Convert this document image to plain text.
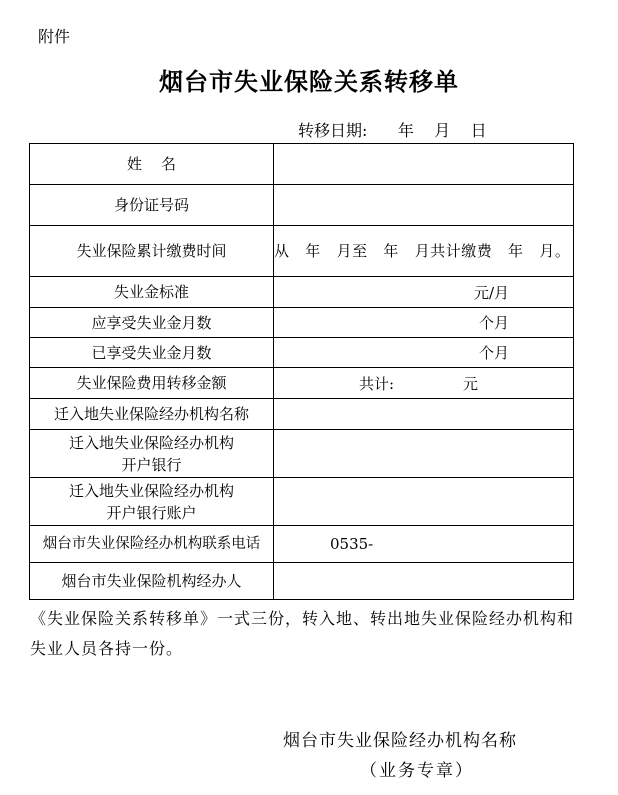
附件
烟台市失业保险关系转移单
转移日期:      年    月    日
姓    名	
身份证号码	
失业保险累计缴费时间	从   年   月至   年   月共计缴费   年   月。
失业金标准	元/月

应享受失业金月数	个月

已享受失业金月数	个月

失业保险费用转移金额	共计: 元
迁入地失业保险经办机构名称	

迁入地失业保险经办机构
开户银行	

迁入地失业保险经办机构
开户银行账户	

烟台市失业保险经办机构联系电话	0535-
烟台市失业保险机构经办人	
《失业保险关系转移单》一式三份，转入地、转出地失业保险经办机构和失业人员各持一份。
烟台市失业保险经办机构名称
（业务专章）
